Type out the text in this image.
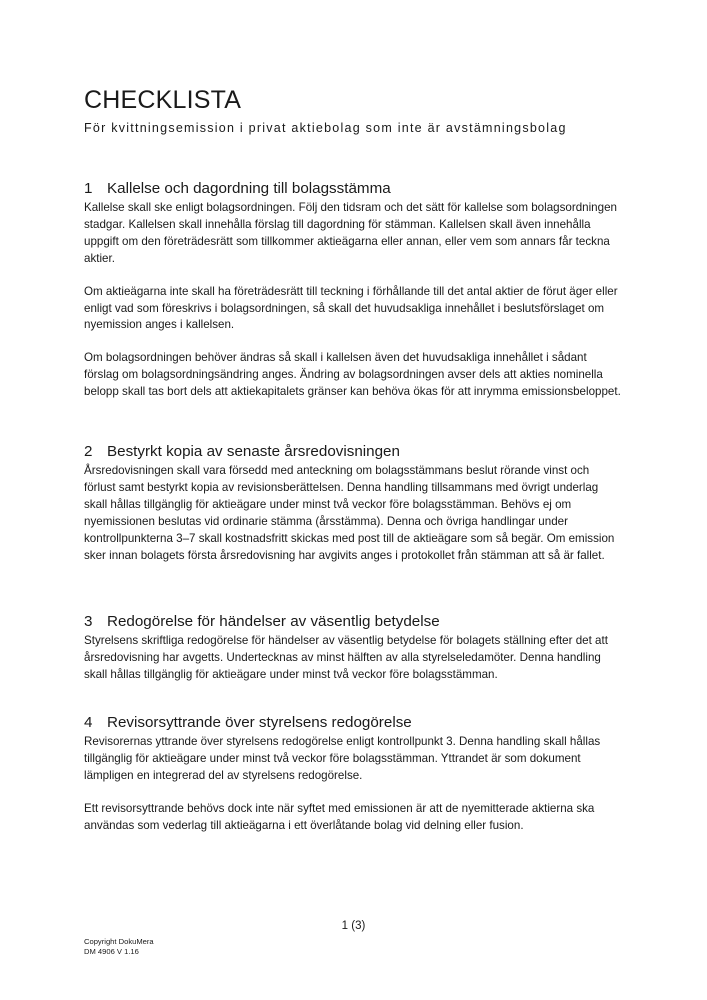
CHECKLISTA
För kvittningsemission i privat aktiebolag som inte är avstämningsbolag
1 Kallelse och dagordning till bolagsstämma

Kallelse skall ske enligt bolagsordningen. Följ den tidsram och det sätt för kallelse som bolagsordningen stadgar. Kallelsen skall innehålla förslag till dagordning för stämman. Kallelsen skall även innehålla uppgift om den företrädesrätt som tillkommer aktieägarna eller annan, eller vem som annars får teckna aktier.

Om aktieägarna inte skall ha företrädesrätt till teckning i förhållande till det antal aktier de förut äger eller enligt vad som föreskrivs i bolagsordningen, så skall det huvudsakliga innehållet i beslutsförslaget om nyemission anges i kallelsen.

Om bolagsordningen behöver ändras så skall i kallelsen även det huvudsakliga innehållet i sådant förslag om bolagsordningsändring anges. Ändring av bolagsordningen avser dels att akties nominella belopp skall tas bort dels att aktiekapitalets gränser kan behöva ökas för att inrymma emissionsbeloppet.

2 Bestyrkt kopia av senaste årsredovisningen

Årsredovisningen skall vara försedd med anteckning om bolagsstämmans beslut rörande vinst och förlust samt bestyrkt kopia av revisionsberättelsen. Denna handling tillsammans med övrigt underlag skall hållas tillgänglig för aktieägare under minst två veckor före bolagsstämman. Behövs ej om nyemissionen beslutas vid ordinarie stämma (årsstämma). Denna och övriga handlingar under kontrollpunkterna 3–7 skall kostnadsfritt skickas med post till de aktieägare som så begär. Om emission sker innan bolagets första årsredovisning har avgivits anges i protokollet från stämman att så är fallet.

3 Redogörelse för händelser av väsentlig betydelse

Styrelsens skriftliga redogörelse för händelser av väsentlig betydelse för bolagets ställning efter det att årsredovisning har avgetts. Undertecknas av minst hälften av alla styrelseledamöter. Denna handling skall hållas tillgänglig för aktieägare under minst två veckor före bolagsstämman.

4 Revisorsyttrande över styrelsens redogörelse

Revisorernas yttrande över styrelsens redogörelse enligt kontrollpunkt 3. Denna handling skall hållas tillgänglig för aktieägare under minst två veckor före bolagsstämman. Yttrandet är som dokument lämpligen en integrerad del av styrelsens redogörelse.

Ett revisorsyttrande behövs dock inte när syftet med emissionen är att de nyemitterade aktierna ska användas som vederlag till aktieägarna i ett överlåtande bolag vid delning eller fusion.

1 (3)
Copyright DokuMera
DM 4906 V 1.16
